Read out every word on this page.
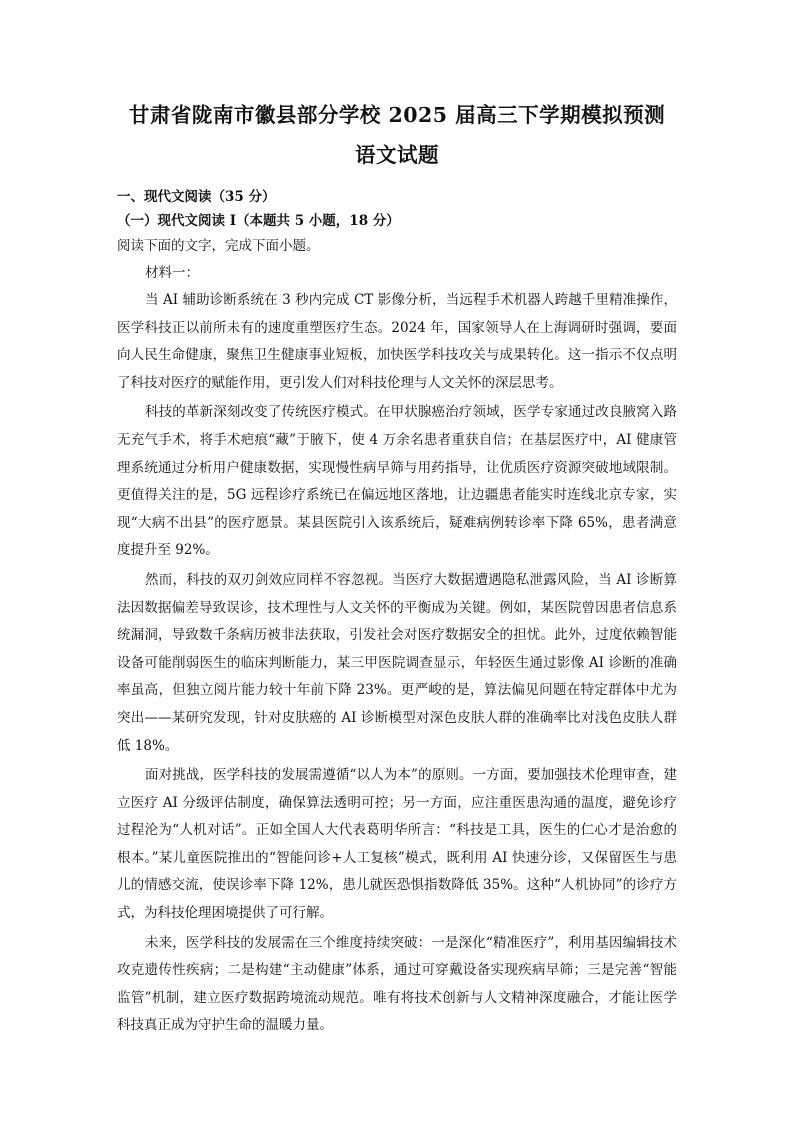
甘肃省陇南市徽县部分学校 2025 届高三下学期模拟预测
语文试题

一、现代文阅读（35 分）

（一）现代文阅读 I（本题共 5 小题，18 分）

阅读下面的文字，完成下面小题。

材料一：

当 AI 辅助诊断系统在 3 秒内完成 CT 影像分析，当远程手术机器人跨越千里精准操作，医学科技正以前所未有的速度重塑医疗生态。2024 年，国家领导人在上海调研时强调，要面向人民生命健康，聚焦卫生健康事业短板，加快医学科技攻关与成果转化。这一指示不仅点明了科技对医疗的赋能作用，更引发人们对科技伦理与人文关怀的深层思考。

科技的革新深刻改变了传统医疗模式。在甲状腺癌治疗领域，医学专家通过改良腋窝入路无充气手术，将手术疤痕“藏”于腋下，使 4 万余名患者重获自信；在基层医疗中，AI 健康管理系统通过分析用户健康数据，实现慢性病早筛与用药指导，让优质医疗资源突破地域限制。更值得关注的是，5G 远程诊疗系统已在偏远地区落地，让边疆患者能实时连线北京专家，实现“大病不出县”的医疗愿景。某县医院引入该系统后，疑难病例转诊率下降 65%，患者满意度提升至 92%。

然而，科技的双刃剑效应同样不容忽视。当医疗大数据遭遇隐私泄露风险，当 AI 诊断算法因数据偏差导致误诊，技术理性与人文关怀的平衡成为关键。例如，某医院曾因患者信息系统漏洞，导致数千条病历被非法获取，引发社会对医疗数据安全的担忧。此外，过度依赖智能设备可能削弱医生的临床判断能力，某三甲医院调查显示，年轻医生通过影像 AI 诊断的准确率虽高，但独立阅片能力较十年前下降 23%。更严峻的是，算法偏见问题在特定群体中尤为突出——某研究发现，针对皮肤癌的 AI 诊断模型对深色皮肤人群的准确率比对浅色皮肤人群低 18%。

面对挑战，医学科技的发展需遵循“以人为本”的原则。一方面，要加强技术伦理审查，建立医疗 AI 分级评估制度，确保算法透明可控；另一方面，应注重医患沟通的温度，避免诊疗过程沦为“人机对话”。正如全国人大代表葛明华所言：“科技是工具，医生的仁心才是治愈的根本。”某儿童医院推出的“智能问诊+人工复核”模式，既利用 AI 快速分诊，又保留医生与患儿的情感交流，使误诊率下降 12%，患儿就医恐惧指数降低 35%。这种“人机协同”的诊疗方式，为科技伦理困境提供了可行解。

未来，医学科技的发展需在三个维度持续突破：一是深化“精准医疗”，利用基因编辑技术攻克遗传性疾病；二是构建“主动健康”体系，通过可穿戴设备实现疾病早筛；三是完善“智能监管”机制，建立医疗数据跨境流动规范。唯有将技术创新与人文精神深度融合，才能让医学科技真正成为守护生命的温暖力量。
